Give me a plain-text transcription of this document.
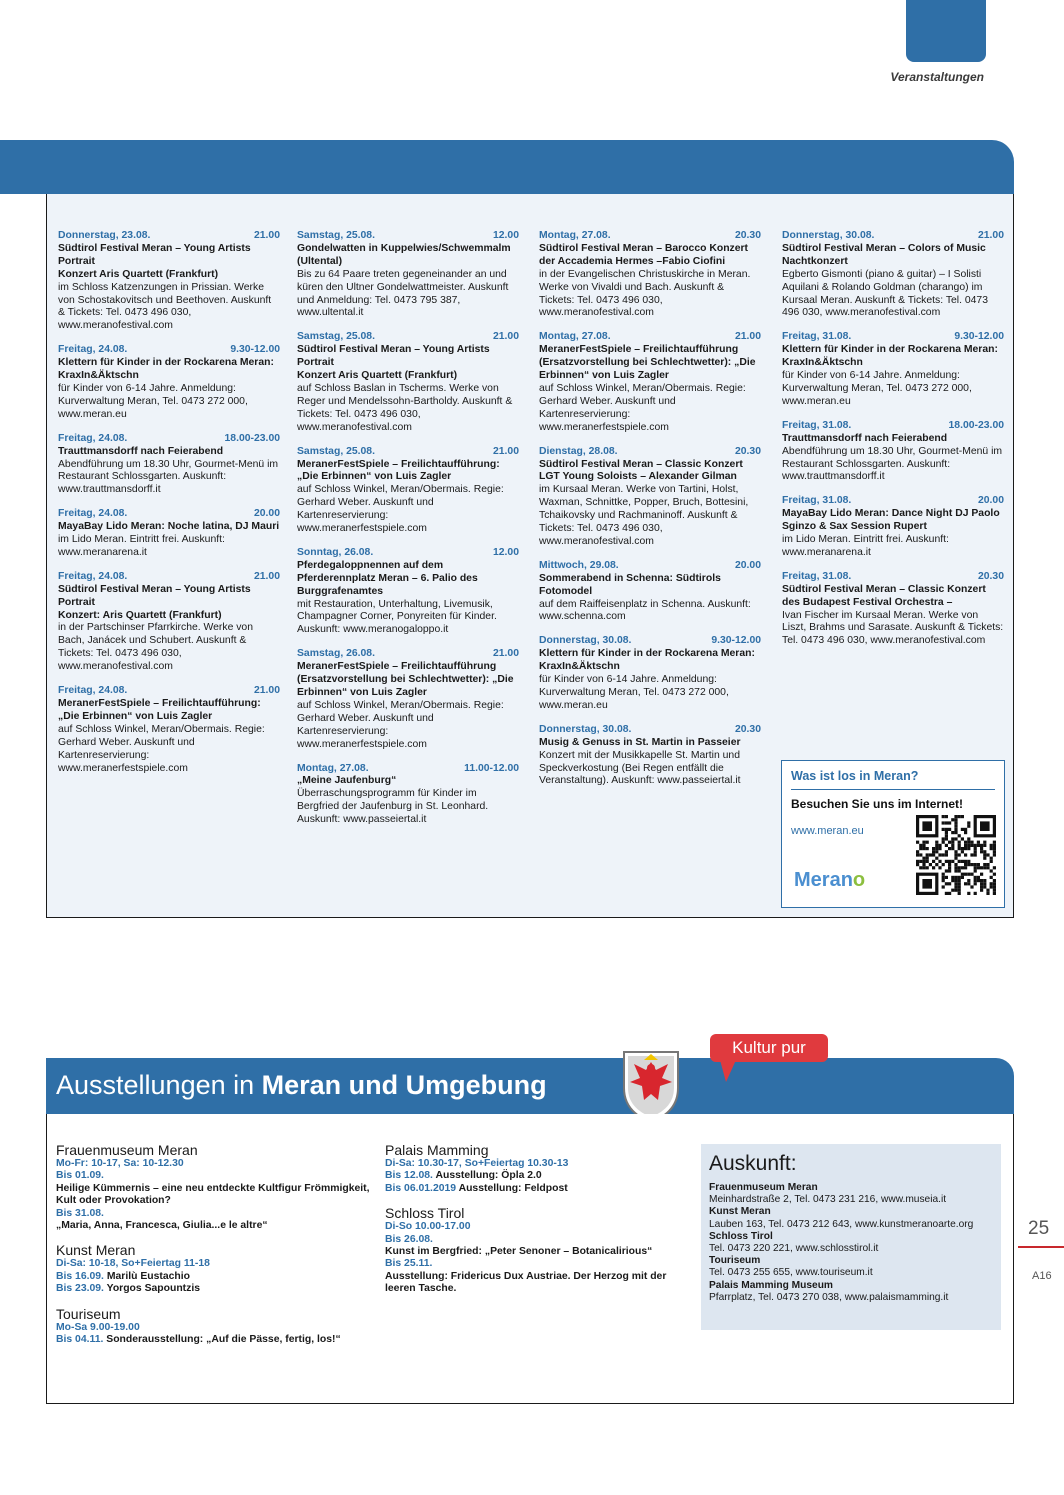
Veranstaltungen
Donnerstag, 23.08.	21.00
Südtirol Festival Meran – Young Artists Portrait
Konzert Aris Quartett (Frankfurt)
im Schloss Katzenzungen in Prissian. Werke von Schostakovitsch und Beethoven. Auskunft & Tickets: Tel. 0473 496 030, www.meranofestival.com
Freitag, 24.08.	9.30-12.00
Klettern für Kinder in der Rockarena Meran: KraxIn&Äktschn
für Kinder von 6-14 Jahre. Anmeldung: Kurverwaltung Meran, Tel. 0473 272 000, www.meran.eu
Freitag, 24.08.	18.00-23.00
Trauttmansdorff nach Feierabend
Abendführung um 18.30 Uhr, Gourmet-Menü im Restaurant Schlossgarten. Auskunft: www.trauttmansdorff.it
Freitag, 24.08.	20.00
MayaBay Lido Meran: Noche latina, DJ Mauri
im Lido Meran. Eintritt frei. Auskunft: www.meranarena.it
Freitag, 24.08.	21.00
Südtirol Festival Meran – Young Artists Portrait
Konzert: Aris Quartett (Frankfurt)
in der Partschinser Pfarrkirche. Werke von Bach, Janácek und Schubert. Auskunft & Tickets: Tel. 0473 496 030, www.meranofestival.com
Freitag, 24.08.	21.00
MeranerFestSpiele – Freilichtaufführung: „Die Erbinnen“ von Luis Zagler
auf Schloss Winkel, Meran/Obermais. Regie: Gerhard Weber. Auskunft und Kartenreservierung: www.meranerfestspiele.com
Samstag, 25.08.	12.00
Gondelwatten in Kuppelwies/Schwemmalm (Ultental)
Bis zu 64 Paare treten gegeneinander an und küren den Ultner Gondelwattmeister. Auskunft und Anmeldung: Tel. 0473 795 387, www.ultental.it
Samstag, 25.08.	21.00
Südtirol Festival Meran – Young Artists Portrait
Konzert Aris Quartett (Frankfurt)
auf Schloss Baslan in Tscherms. Werke von Reger und Mendelssohn-Bartholdy. Auskunft & Tickets: Tel. 0473 496 030, www.meranofestival.com
Samstag, 25.08.	21.00
MeranerFestSpiele – Freilichtaufführung: „Die Erbinnen“ von Luis Zagler
auf Schloss Winkel, Meran/Obermais. Regie: Gerhard Weber. Auskunft und Kartenreservierung: www.meranerfestspiele.com
Sonntag, 26.08.	12.00
Pferdegaloppnennen auf dem Pferderennplatz Meran – 6. Palio des Burggrafenamtes
mit Restauration, Unterhaltung, Livemusik, Champagner Corner, Ponyreiten für Kinder. Auskunft: www.meranogaloppo.it
Samstag, 26.08.	21.00
MeranerFestSpiele – Freilichtaufführung (Ersatzvorstellung bei Schlechtwetter): „Die Erbinnen“ von Luis Zagler
auf Schloss Winkel, Meran/Obermais. Regie: Gerhard Weber. Auskunft und Kartenreservierung: www.meranerfestspiele.com
Montag, 27.08.	11.00-12.00
„Meine Jaufenburg“
Überraschungsprogramm für Kinder im Bergfried der Jaufenburg in St. Leonhard. Auskunft: www.passeiertal.it
Montag, 27.08.	20.30
Südtirol Festival Meran – Barocco Konzert der Accademia Hermes –Fabio Ciofini
in der Evangelischen Christuskirche in Meran. Werke von Vivaldi und Bach. Auskunft & Tickets: Tel. 0473 496 030, www.meranofestival.com
Montag, 27.08.	21.00
MeranerFestSpiele – Freilichtaufführung (Ersatzvorstellung bei Schlechtwetter): „Die Erbinnen“ von Luis Zagler
auf Schloss Winkel, Meran/Obermais. Regie: Gerhard Weber. Auskunft und Kartenreservierung: www.meranerfestspiele.com
Dienstag, 28.08.	20.30
Südtirol Festival Meran – Classic Konzert LGT Young Soloists – Alexander Gilman
im Kursaal Meran. Werke von Tartini, Holst, Waxman, Schnittke, Popper, Bruch, Bottesini, Tchaikovsky und Rachmaninoff. Auskunft & Tickets: Tel. 0473 496 030, www.meranofestival.com
Mittwoch, 29.08.	20.00
Sommerabend in Schenna: Südtirols Fotomodel
auf dem Raiffeisenplatz in Schenna. Auskunft: www.schenna.com
Donnerstag, 30.08.	9.30-12.00
Klettern für Kinder in der Rockarena Meran: KraxIn&Äktschn
für Kinder von 6-14 Jahre. Anmeldung: Kurverwaltung Meran, Tel. 0473 272 000, www.meran.eu
Donnerstag, 30.08.	20.30
Musig & Genuss in St. Martin in Passeier
Konzert mit der Musikkapelle St. Martin und Speckverkostung (Bei Regen entfällt die Veranstaltung). Auskunft: www.passeiertal.it
Donnerstag, 30.08.	21.00
Südtirol Festival Meran – Colors of Music Nachtkonzert
Egberto Gismonti (piano & guitar) – I Solisti Aquilani & Rolando Goldman (charango) im Kursaal Meran. Auskunft & Tickets: Tel. 0473 496 030, www.meranofestival.com
Freitag, 31.08.	9.30-12.00
Klettern für Kinder in der Rockarena Meran: KraxIn&Äktschn
für Kinder von 6-14 Jahre. Anmeldung: Kurverwaltung Meran, Tel. 0473 272 000, www.meran.eu
Freitag, 31.08.	18.00-23.00
Trauttmansdorff nach Feierabend
Abendführung um 18.30 Uhr, Gourmet-Menü im Restaurant Schlossgarten. Auskunft: www.trauttmansdorff.it
Freitag, 31.08.	20.00
MayaBay Lido Meran: Dance Night DJ Paolo Sginzo & Sax Session Rupert
im Lido Meran. Eintritt frei. Auskunft: www.meranarena.it
Freitag, 31.08.	20.30
Südtirol Festival Meran – Classic Konzert des Budapest Festival Orchestra –
Ivan Fischer im Kursaal Meran. Werke von Liszt, Brahms und Sarasate. Auskunft & Tickets: Tel. 0473 496 030, www.meranofestival.com
Was ist los in Meran?
Besuchen Sie uns im Internet!
www.meran.eu
Merano
Ausstellungen in Meran und Umgebung
Kultur pur
Frauenmuseum Meran
Mo-Fr: 10-17, Sa: 10-12.30
Bis 01.09.
Heilige Kümmernis – eine neu entdeckte Kultfigur Frömmigkeit, Kult oder Provokation?
Bis 31.08.
„Maria, Anna, Francesca, Giulia...e le altre“
Kunst Meran
Di-Sa: 10-18, So+Feiertag 11-18
Bis 16.09. Marilù Eustachio
Bis 23.09. Yorgos Sapountzis
Touriseum
Mo-Sa 9.00-19.00
Bis 04.11. Sonderausstellung: „Auf die Pässe, fertig, los!“
Palais Mamming
Di-Sa: 10.30-17, So+Feiertag 10.30-13
Bis 12.08. Ausstellung: Öpla 2.0
Bis 06.01.2019 Ausstellung: Feldpost
Schloss Tirol
Di-So 10.00-17.00
Bis 26.08.
Kunst im Bergfried: „Peter Senoner – Botanicalirious“
Bis 25.11.
Ausstellung: Fridericus Dux Austriae. Der Herzog mit der leeren Tasche.
Auskunft:
Frauenmuseum Meran
Meinhardstraße 2, Tel. 0473 231 216, www.museia.it
Kunst Meran
Lauben 163, Tel. 0473 212 643, www.kunstmeranoarte.org
Schloss Tirol
Tel. 0473 220 221, www.schlosstirol.it
Touriseum
Tel. 0473 255 655, www.touriseum.it
Palais Mamming Museum
Pfarrplatz, Tel. 0473 270 038, www.palaismamming.it
25
A16
